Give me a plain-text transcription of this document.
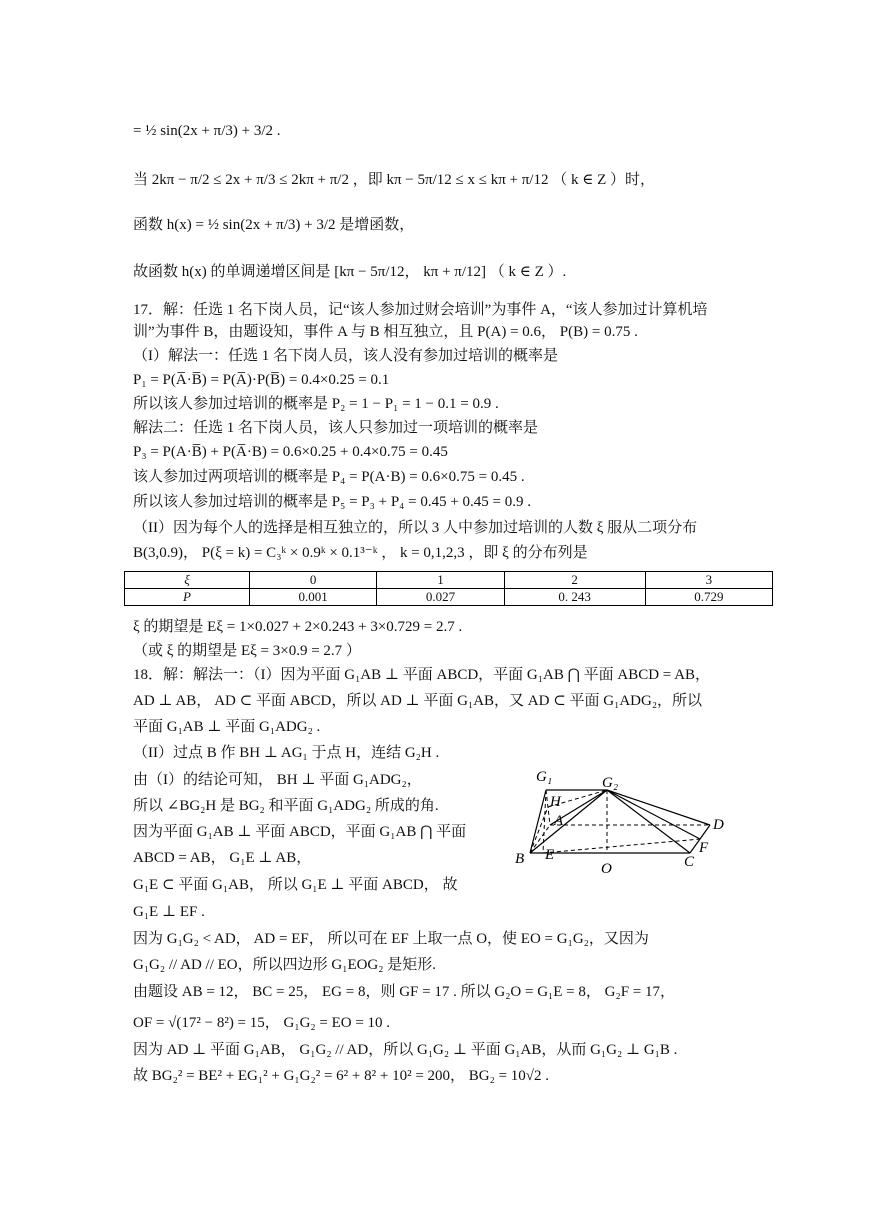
= ½ sin(2x + π/3) + 3/2 .
当 2kπ − π/2 ≤ 2x + π/3 ≤ 2kπ + π/2 ，即 kπ − 5π/12 ≤ x ≤ kπ + π/12 （ k ∈ Z ）时，
函数 h(x) = ½ sin(2x + π/3) + 3/2 是增函数，
故函数 h(x) 的单调递增区间是 [kπ − 5π/12， kπ + π/12] （ k ∈ Z ）.
17．解：任选 1 名下岗人员，记“该人参加过财会培训”为事件 A，“该人参加过计算机培
训”为事件 B，由题设知，事件 A 与 B 相互独立，且 P(A) = 0.6， P(B) = 0.75 .
（I）解法一：任选 1 名下岗人员，该人没有参加过培训的概率是
P₁ = P(A̅·B̅) = P(A̅)·P(B̅) = 0.4×0.25 = 0.1
所以该人参加过培训的概率是 P₂ = 1 − P₁ = 1 − 0.1 = 0.9 .
解法二：任选 1 名下岗人员，该人只参加过一项培训的概率是
P₃ = P(A·B̅) + P(A̅·B) = 0.6×0.25 + 0.4×0.75 = 0.45
该人参加过两项培训的概率是 P₄ = P(A·B) = 0.6×0.75 = 0.45 .
所以该人参加过培训的概率是 P₅ = P₃ + P₄ = 0.45 + 0.45 = 0.9 .
（II）因为每个人的选择是相互独立的，所以 3 人中参加过培训的人数 ξ 服从二项分布
B(3,0.9)， P(ξ = k) = C₃ᵏ × 0.9ᵏ × 0.1³⁻ᵏ ， k = 0,1,2,3 ，即 ξ 的分布列是
ξ 的期望是 Eξ = 1×0.027 + 2×0.243 + 3×0.729 = 2.7 .
（或 ξ 的期望是 Eξ = 3×0.9 = 2.7 ）
18．解：解法一：（I）因为平面 G₁AB ⊥ 平面 ABCD，平面 G₁AB ⋂ 平面 ABCD = AB，
AD ⊥ AB， AD ⊂ 平面 ABCD，所以 AD ⊥ 平面 G₁AB，又 AD ⊂ 平面 G₁ADG₂，所以
平面 G₁AB ⊥ 平面 G₁ADG₂ .
（II）过点 B 作 BH ⊥ AG₁ 于点 H，连结 G₂H .
由（I）的结论可知， BH ⊥ 平面 G₁ADG₂，
所以 ∠BG₂H 是 BG₂ 和平面 G₁ADG₂ 所成的角.
因为平面 G₁AB ⊥ 平面 ABCD，平面 G₁AB ⋂ 平面
ABCD = AB， G₁E ⊥ AB，
G₁E ⊂ 平面 G₁AB， 所以 G₁E ⊥ 平面 ABCD， 故
G₁E ⊥ EF .
因为 G₁G₂ < AD， AD = EF， 所以可在 EF 上取一点 O，使 EO = G₁G₂，又因为
G₁G₂ // AD // EO，所以四边形 G₁EOG₂ 是矩形.
由题设 AB = 12， BC = 25， EG = 8，则 GF = 17 . 所以 G₂O = G₁E = 8， G₂F = 17，
OF = √(17² − 8²) = 15， G₁G₂ = EO = 10 .
因为 AD ⊥ 平面 G₁AB， G₁G₂ // AD，所以 G₁G₂ ⊥ 平面 G₁AB，从而 G₁G₂ ⊥ G₁B .
故 BG₂² = BE² + EG₁² + G₁G₂² = 6² + 8² + 10² = 200， BG₂ = 10√2 .
ξ	0	1	2	3
P	0.001	0.027	0. 243	0.729
G₁	G₂
H
A	D
B E
O	C
F
